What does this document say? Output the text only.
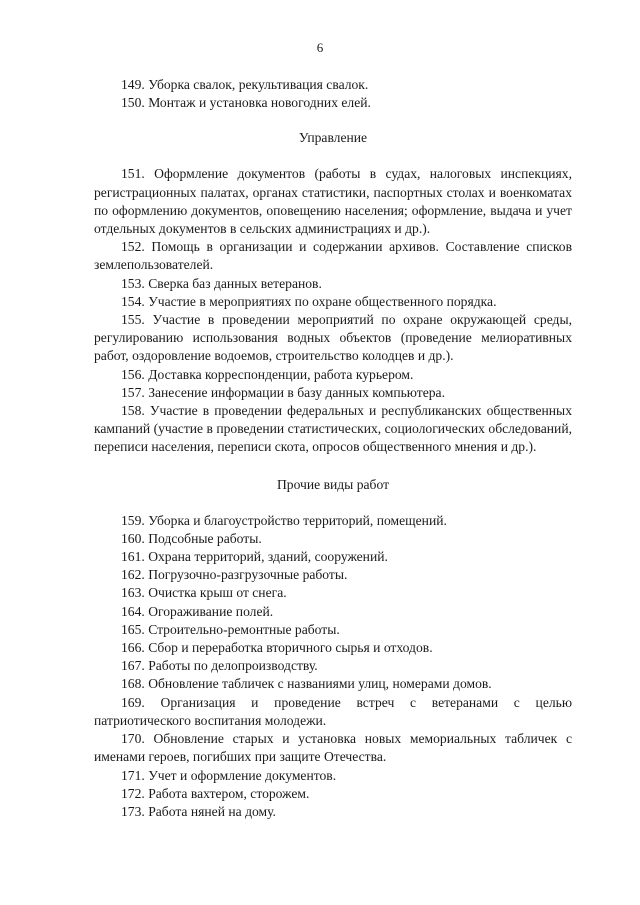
6

149. Уборка свалок, рекультивация свалок.

150. Монтаж и установка новогодних елей.

Управление

151. Оформление документов (работы в судах, налоговых инспекциях, регистрационных палатах, органах статистики, паспортных столах и военкоматах по оформлению документов, оповещению населения; оформление, выдача и учет отдельных документов в сельских администрациях и др.).

152. Помощь в организации и содержании архивов. Составление списков землепользователей.

153. Сверка баз данных ветеранов.

154. Участие в мероприятиях по охране общественного порядка.

155. Участие в проведении мероприятий по охране окружающей среды, регулированию использования водных объектов (проведение мелиоративных работ, оздоровление водоемов, строительство колодцев и др.).

156. Доставка корреспонденции, работа курьером.

157. Занесение информации в базу данных компьютера.

158. Участие в проведении федеральных и республиканских общественных кампаний (участие в проведении статистических, социологических обследований, переписи населения, переписи скота, опросов общественного мнения и др.).

Прочие виды работ

159. Уборка и благоустройство территорий, помещений.

160. Подсобные работы.

161. Охрана территорий, зданий, сооружений.

162. Погрузочно-разгрузочные работы.

163. Очистка крыш от снега.

164. Огораживание полей.

165. Строительно-ремонтные работы.

166. Сбор и переработка вторичного сырья и отходов.

167. Работы по делопроизводству.

168. Обновление табличек с названиями улиц, номерами домов.

169. Организация и проведение встреч с ветеранами с целью патриотического воспитания молодежи.

170. Обновление старых и установка новых мемориальных табличек с именами героев, погибших при защите Отечества.

171. Учет и оформление документов.

172. Работа вахтером, сторожем.

173. Работа няней на дому.
